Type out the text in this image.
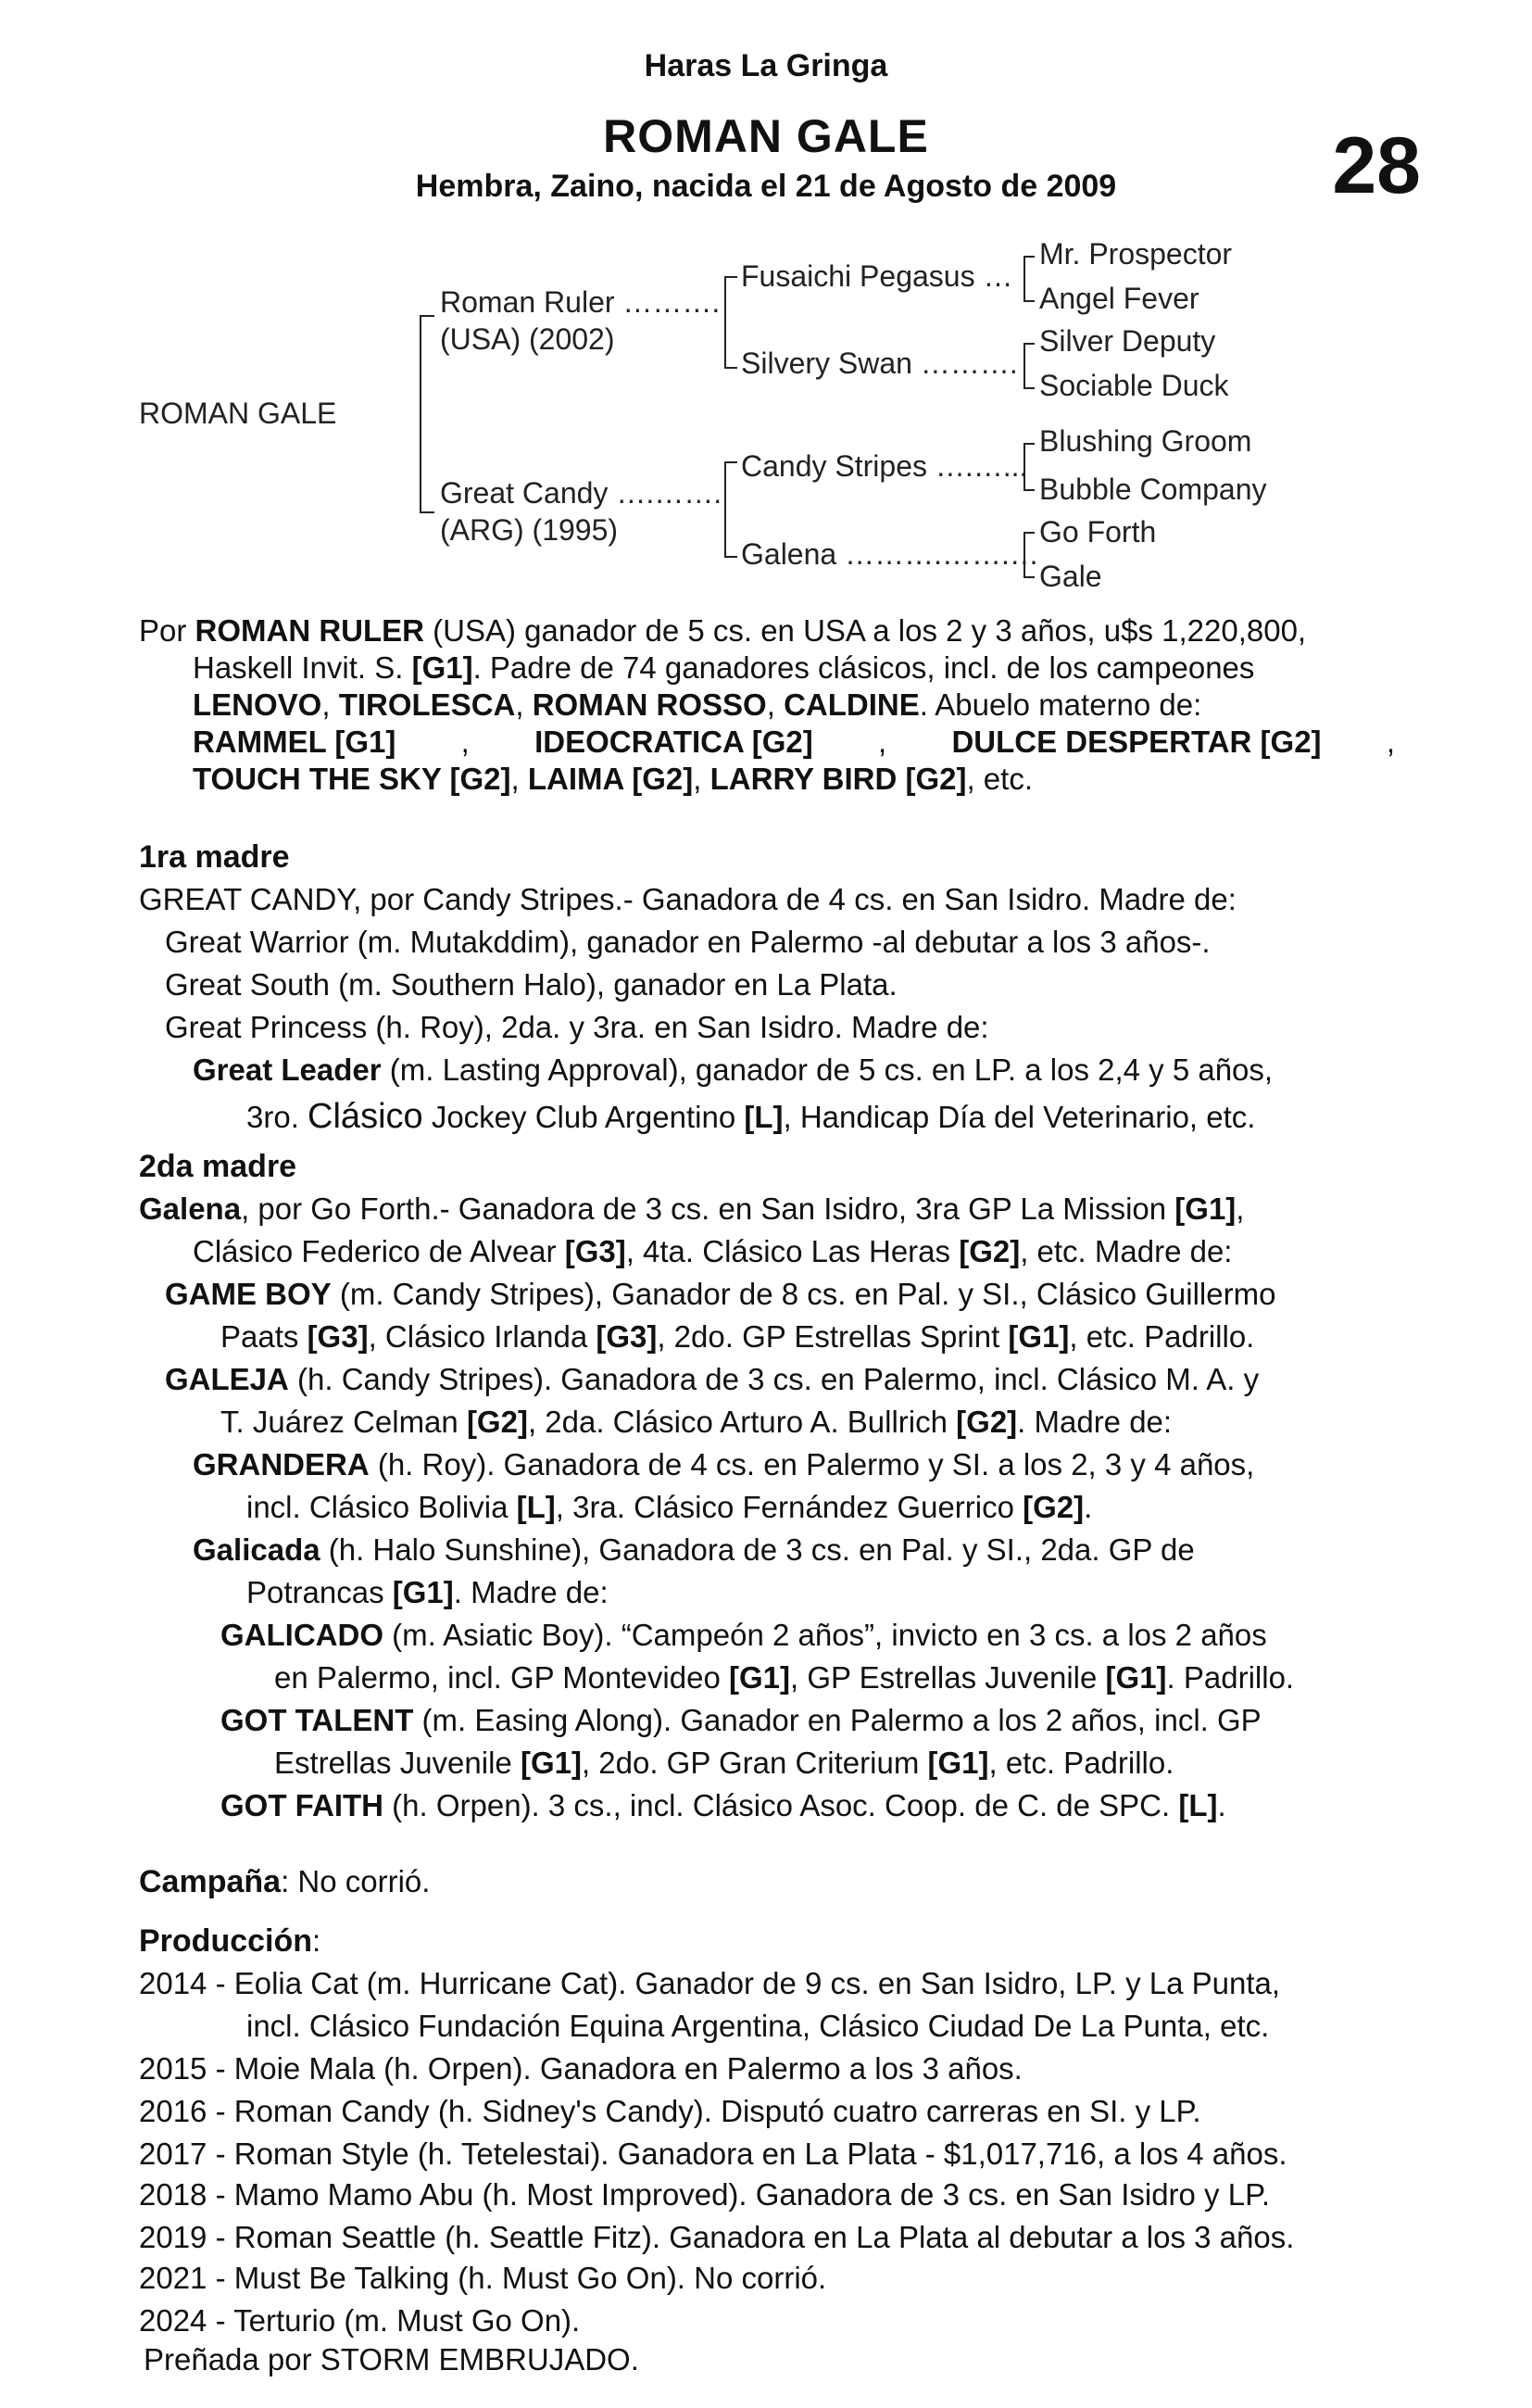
Haras La Gringa
ROMAN GALE
Hembra, Zaino, nacida el 21 de Agosto de 2009	28
ROMAN GALE
Roman Ruler ……….
(USA) (2002)
Great Candy ….…….
(ARG) (1995)
Fusaichi Pegasus …
Silvery Swan ……….
Candy Stripes ….…...
Galena ……….…….…
Mr. Prospector
Angel Fever
Silver Deputy
Sociable Duck
Blushing Groom
Bubble Company
Go Forth
Gale
Por ROMAN RULER (USA) ganador de 5 cs. en USA a los 2 y 3 años, u$s 1,220,800,
Haskell Invit. S. [G1]. Padre de 74 ganadores clásicos, incl. de los campeones
LENOVO, TIROLESCA, ROMAN ROSSO, CALDINE. Abuelo materno de:
RAMMEL [G1] , IDEOCRATICA [G2] , DULCE DESPERTAR [G2] ,
TOUCH THE SKY [G2], LAIMA [G2], LARRY BIRD [G2], etc.
1ra madre
GREAT CANDY, por Candy Stripes.- Ganadora de 4 cs. en San Isidro. Madre de:
Great Warrior (m. Mutakddim), ganador en Palermo -al debutar a los 3 años-.
Great South (m. Southern Halo), ganador en La Plata.
Great Princess (h. Roy), 2da. y 3ra. en San Isidro. Madre de:
Great Leader (m. Lasting Approval), ganador de 5 cs. en LP. a los 2,4 y 5 años,
3ro. Clásico Jockey Club Argentino [L], Handicap Día del Veterinario, etc.
2da madre
Galena, por Go Forth.- Ganadora de 3 cs. en San Isidro, 3ra GP La Mission [G1],
Clásico Federico de Alvear [G3], 4ta. Clásico Las Heras [G2], etc. Madre de:
GAME BOY (m. Candy Stripes), Ganador de 8 cs. en Pal. y SI., Clásico Guillermo
Paats [G3], Clásico Irlanda [G3], 2do. GP Estrellas Sprint [G1], etc. Padrillo.
GALEJA (h. Candy Stripes). Ganadora de 3 cs. en Palermo, incl. Clásico M. A. y
T. Juárez Celman [G2], 2da. Clásico Arturo A. Bullrich [G2]. Madre de:
GRANDERA (h. Roy). Ganadora de 4 cs. en Palermo y SI. a los 2, 3 y 4 años,
incl. Clásico Bolivia [L], 3ra. Clásico Fernández Guerrico [G2].
Galicada (h. Halo Sunshine), Ganadora de 3 cs. en Pal. y SI., 2da. GP de
Potrancas [G1]. Madre de:
GALICADO (m. Asiatic Boy). “Campeón 2 años”, invicto en 3 cs. a los 2 años
en Palermo, incl. GP Montevideo [G1], GP Estrellas Juvenile [G1]. Padrillo.
GOT TALENT (m. Easing Along). Ganador en Palermo a los 2 años, incl. GP
Estrellas Juvenile [G1], 2do. GP Gran Criterium [G1], etc. Padrillo.
GOT FAITH (h. Orpen). 3 cs., incl. Clásico Asoc. Coop. de C. de SPC. [L].
Campaña: No corrió.
Producción:
2014 - Eolia Cat (m. Hurricane Cat). Ganador de 9 cs. en San Isidro, LP. y La Punta,
incl. Clásico Fundación Equina Argentina, Clásico Ciudad De La Punta, etc.
2015 - Moie Mala (h. Orpen). Ganadora en Palermo a los 3 años.
2016 - Roman Candy (h. Sidney's Candy). Disputó cuatro carreras en SI. y LP.
2017 - Roman Style (h. Tetelestai). Ganadora en La Plata - $1,017,716, a los 4 años.
2018 - Mamo Mamo Abu (h. Most Improved). Ganadora de 3 cs. en San Isidro y LP.
2019 - Roman Seattle (h. Seattle Fitz). Ganadora en La Plata al debutar a los 3 años.
2021 - Must Be Talking (h. Must Go On). No corrió.
2024 - Terturio (m. Must Go On).
Preñada por STORM EMBRUJADO.
